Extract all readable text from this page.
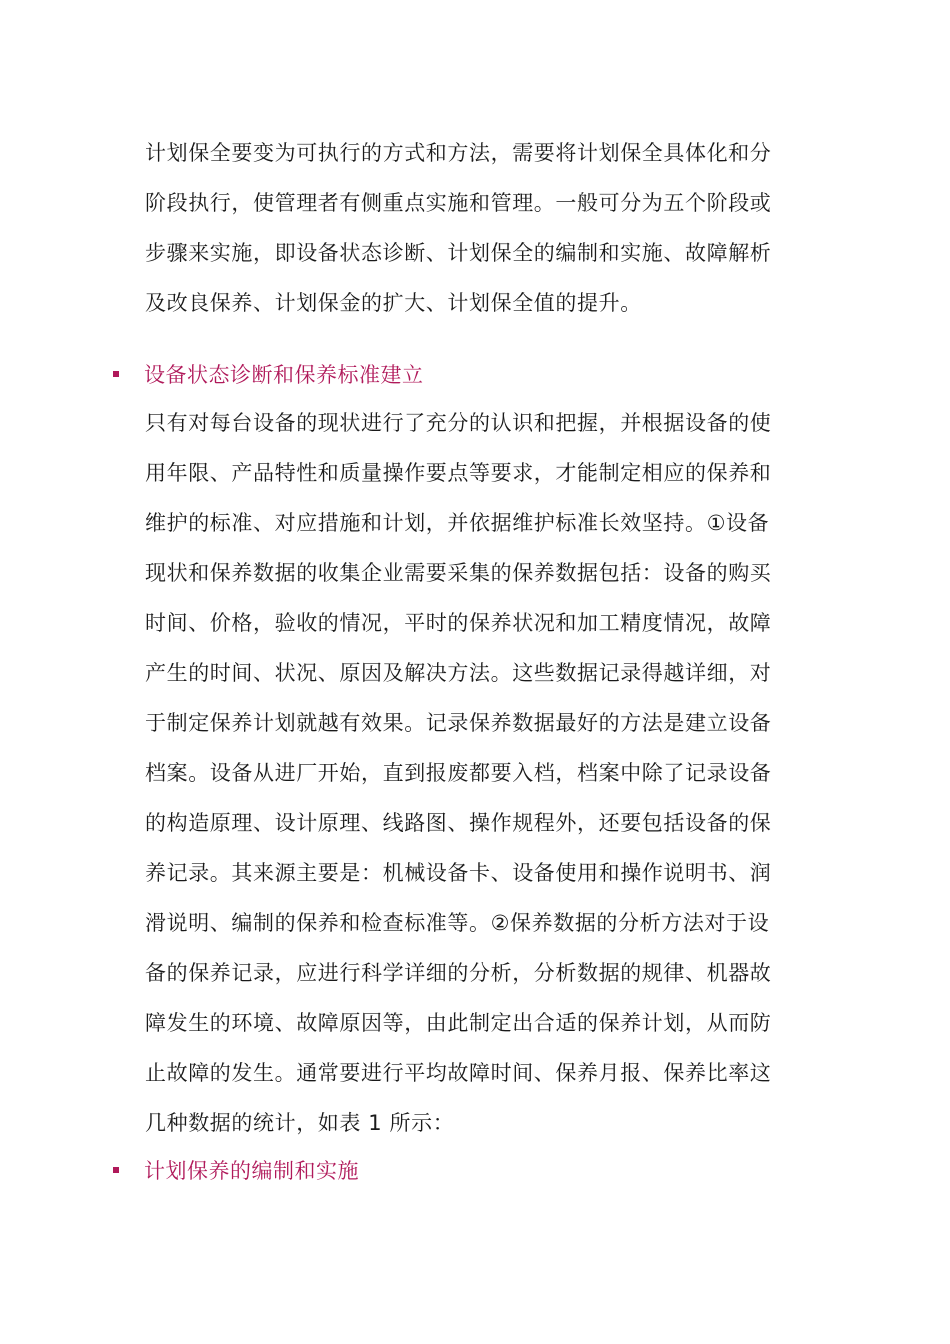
计划保全要变为可执行的方式和方法，需要将计划保全具体化和分
阶段执行，使管理者有侧重点实施和管理。一般可分为五个阶段或
步骤来实施，即设备状态诊断、计划保全的编制和实施、故障解析
及改良保养、计划保金的扩大、计划保全值的提升。
设备状态诊断和保养标准建立
只有对每台设备的现状进行了充分的认识和把握，并根据设备的使
用年限、产品特性和质量操作要点等要求，才能制定相应的保养和
维护的标准、对应措施和计划，并依据维护标准长效坚持。①设备
现状和保养数据的收集企业需要采集的保养数据包括：设备的购买
时间、价格，验收的情况，平时的保养状况和加工精度情况，故障
产生的时间、状况、原因及解决方法。这些数据记录得越详细，对
于制定保养计划就越有效果。记录保养数据最好的方法是建立设备
档案。设备从进厂开始，直到报废都要入档，档案中除了记录设备
的构造原理、设计原理、线路图、操作规程外，还要包括设备的保
养记录。其来源主要是：机械设备卡、设备使用和操作说明书、润
滑说明、编制的保养和检查标准等。②保养数据的分析方法对于设
备的保养记录，应进行科学详细的分析，分析数据的规律、机器故
障发生的环境、故障原因等，由此制定出合适的保养计划，从而防
止故障的发生。通常要进行平均故障时间、保养月报、保养比率这
几种数据的统计，如表 1 所示：
计划保养的编制和实施
